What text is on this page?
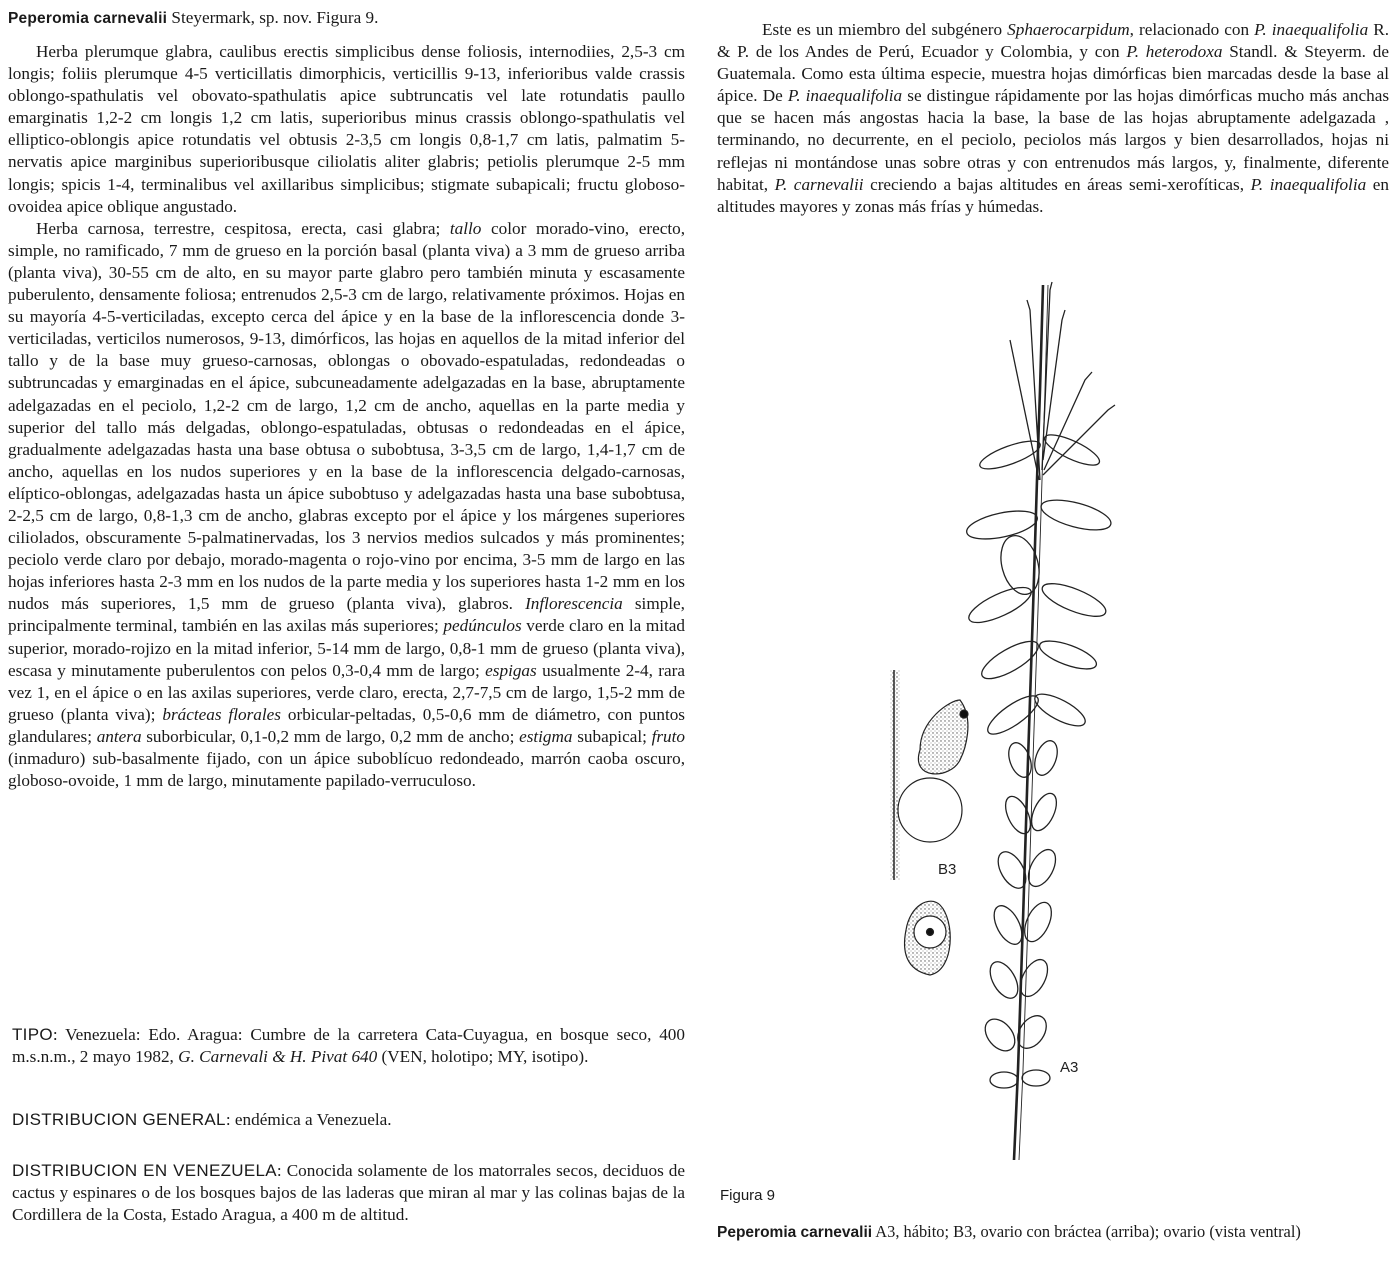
Peperomia carnevalii Steyermark, sp. nov. Figura 9.

Herba plerumque glabra, caulibus erectis simplicibus dense foliosis, internodiies, 2,5-3 cm longis; foliis plerumque 4-5 verticillatis dimorphicis, verticillis 9-13, inferioribus valde crassis oblongo-spathulatis vel obovato-spathulatis apice subtruncatis vel late rotundatis paullo emarginatis 1,2-2 cm longis 1,2 cm latis, superioribus minus crassis oblongo-spathulatis vel elliptico-oblongis apice rotundatis vel obtusis 2-3,5 cm longis 0,8-1,7 cm latis, palmatim 5-nervatis apice marginibus superioribusque ciliolatis aliter glabris; petiolis plerumque 2-5 mm longis; spicis 1-4, terminalibus vel axillaribus simplicibus; stigmate subapicali; fructu globoso-ovoidea apice oblique angustado.

Herba carnosa, terrestre, cespitosa, erecta, casi glabra; tallo color morado-vino, erecto, simple, no ramificado, 7 mm de grueso en la porción basal (planta viva) a 3 mm de grueso arriba (planta viva), 30-55 cm de alto, en su mayor parte glabro pero también minuta y escasamente puberulento, densamente foliosa; entrenudos 2,5-3 cm de largo, relativamente próximos. Hojas en su mayoría 4-5-verticiladas, excepto cerca del ápice y en la base de la inflorescencia donde 3-verticiladas, verticilos numerosos, 9-13, dimórficos, las hojas en aquellos de la mitad inferior del tallo y de la base muy grueso-carnosas, oblongas o obovado-espatuladas, redondeadas o subtruncadas y emarginadas en el ápice, subcuneadamente adelgazadas en la base, abruptamente adelgazadas en el peciolo, 1,2-2 cm de largo, 1,2 cm de ancho, aquellas en la parte media y superior del tallo más delgadas, oblongo-espatuladas, obtusas o redondeadas en el ápice, gradualmente adelgazadas hasta una base obtusa o subobtusa, 3-3,5 cm de largo, 1,4-1,7 cm de ancho, aquellas en los nudos superiores y en la base de la inflorescencia delgado-carnosas, elíptico-oblongas, adelgazadas hasta un ápice subobtuso y adelgazadas hasta una base subobtusa, 2-2,5 cm de largo, 0,8-1,3 cm de ancho, glabras excepto por el ápice y los márgenes superiores ciliolados, obscuramente 5-palmatinervadas, los 3 nervios medios sulcados y más prominentes; peciolo verde claro por debajo, morado-magenta o rojo-vino por encima, 3-5 mm de largo en las hojas inferiores hasta 2-3 mm en los nudos de la parte media y los superiores hasta 1-2 mm en los nudos más superiores, 1,5 mm de grueso (planta viva), glabros. Inflorescencia simple, principalmente terminal, también en las axilas más superiores; pedúnculos verde claro en la mitad superior, morado-rojizo en la mitad inferior, 5-14 mm de largo, 0,8-1 mm de grueso (planta viva), escasa y minutamente puberulentos con pelos 0,3-0,4 mm de largo; espigas usualmente 2-4, rara vez 1, en el ápice o en las axilas superiores, verde claro, erecta, 2,7-7,5 cm de largo, 1,5-2 mm de grueso (planta viva); brácteas florales orbicular-peltadas, 0,5-0,6 mm de diámetro, con puntos glandulares; antera suborbicular, 0,1-0,2 mm de largo, 0,2 mm de ancho; estigma subapical; fruto (inmaduro) sub-basalmente fijado, con un ápice suboblícuo redondeado, marrón caoba oscuro, globoso-ovoide, 1 mm de largo, minutamente papilado-verruculoso.

TIPO: Venezuela: Edo. Aragua: Cumbre de la carretera Cata-Cuyagua, en bosque seco, 400 m.s.n.m., 2 mayo 1982, G. Carnevali & H. Pivat 640 (VEN, holotipo; MY, isotipo).

DISTRIBUCION GENERAL: endémica a Venezuela.

DISTRIBUCION EN VENEZUELA: Conocida solamente de los matorrales secos, deciduos de cactus y espinares o de los bosques bajos de las laderas que miran al mar y las colinas bajas de la Cordillera de la Costa, Estado Aragua, a 400 m de altitud.

Este es un miembro del subgénero Sphaerocarpidum, relacionado con P. inaequalifolia R. & P. de los Andes de Perú, Ecuador y Colombia, y con P. heterodoxa Standl. & Steyerm. de Guatemala. Como esta última especie, muestra hojas dimórficas bien marcadas desde la base al ápice. De P. inaequalifolia se distingue rápidamente por las hojas dimórficas mucho más anchas que se hacen más angostas hacia la base, la base de las hojas abruptamente adelgazada , terminando, no decurrente, en el peciolo, peciolos más largos y bien desarrollados, hojas ni reflejas ni montándose unas sobre otras y con entrenudos más largos, y, finalmente, diferente habitat, P. carnevalii creciendo a bajas altitudes en áreas semi-xerofíticas, P. inaequalifolia en altitudes mayores y zonas más frías y húmedas.

B3
A3
Figura 9
Peperomia carnevalii A3, hábito; B3, ovario con bráctea (arriba); ovario (vista ventral)
